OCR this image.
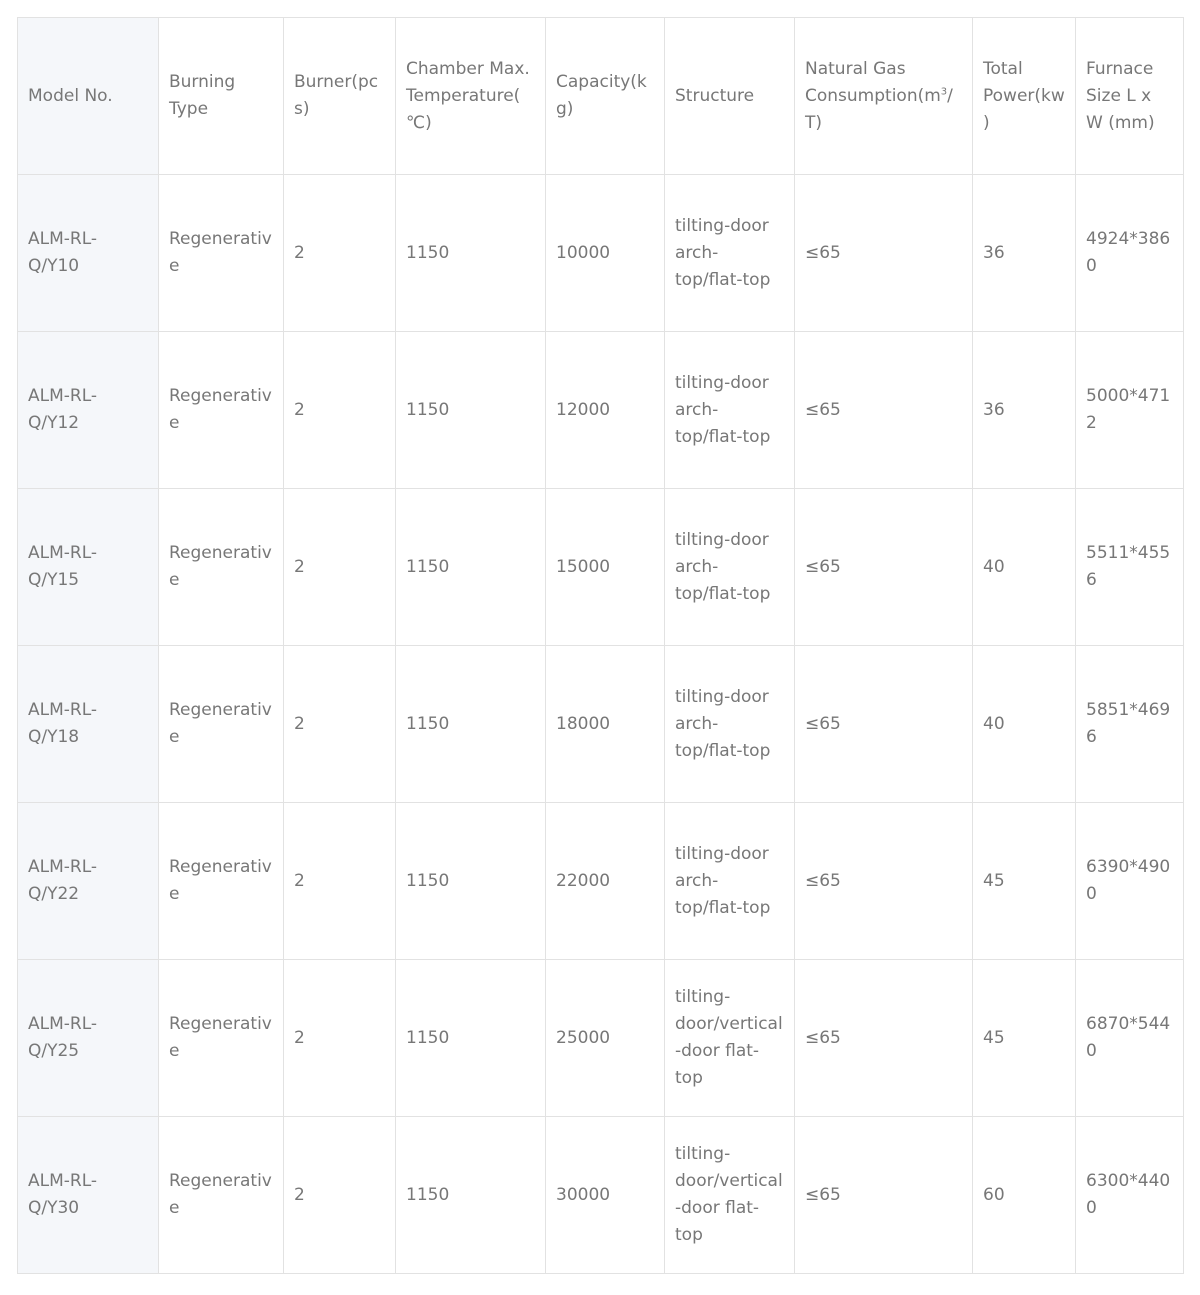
Model No.	Burning Type	Burner(pcs)	Chamber Max. Temperature(℃)	Capacity(kg)	Structure	Natural Gas $Consumption(m^3/T)$	Total Power(kw)	Furnace Size L x W (mm)
ALM-RL-Q/Y10	Regenerative	2	1150	10000	tilting-door arch-top/flat-top	≤65	36	4924*3860
ALM-RL-Q/Y12	Regenerative	2	1150	12000	tilting-door arch-top/flat-top	≤65	36	5000*4712
ALM-RL-Q/Y15	Regenerative	2	1150	15000	tilting-door arch-top/flat-top	≤65	40	5511*4556
ALM-RL-Q/Y18	Regenerative	2	1150	18000	tilting-door arch-top/flat-top	≤65	40	5851*4696
ALM-RL-Q/Y22	Regenerative	2	1150	22000	tilting-door arch-top/flat-top	≤65	45	6390*4900
ALM-RL-Q/Y25	Regenerative	2	1150	25000	tilting-door/vertical-door flat-top	≤65	45	6870*5440
ALM-RL-Q/Y30	Regenerative	2	1150	30000	tilting-door/vertical-door flat-top	≤65	60	6300*4400
